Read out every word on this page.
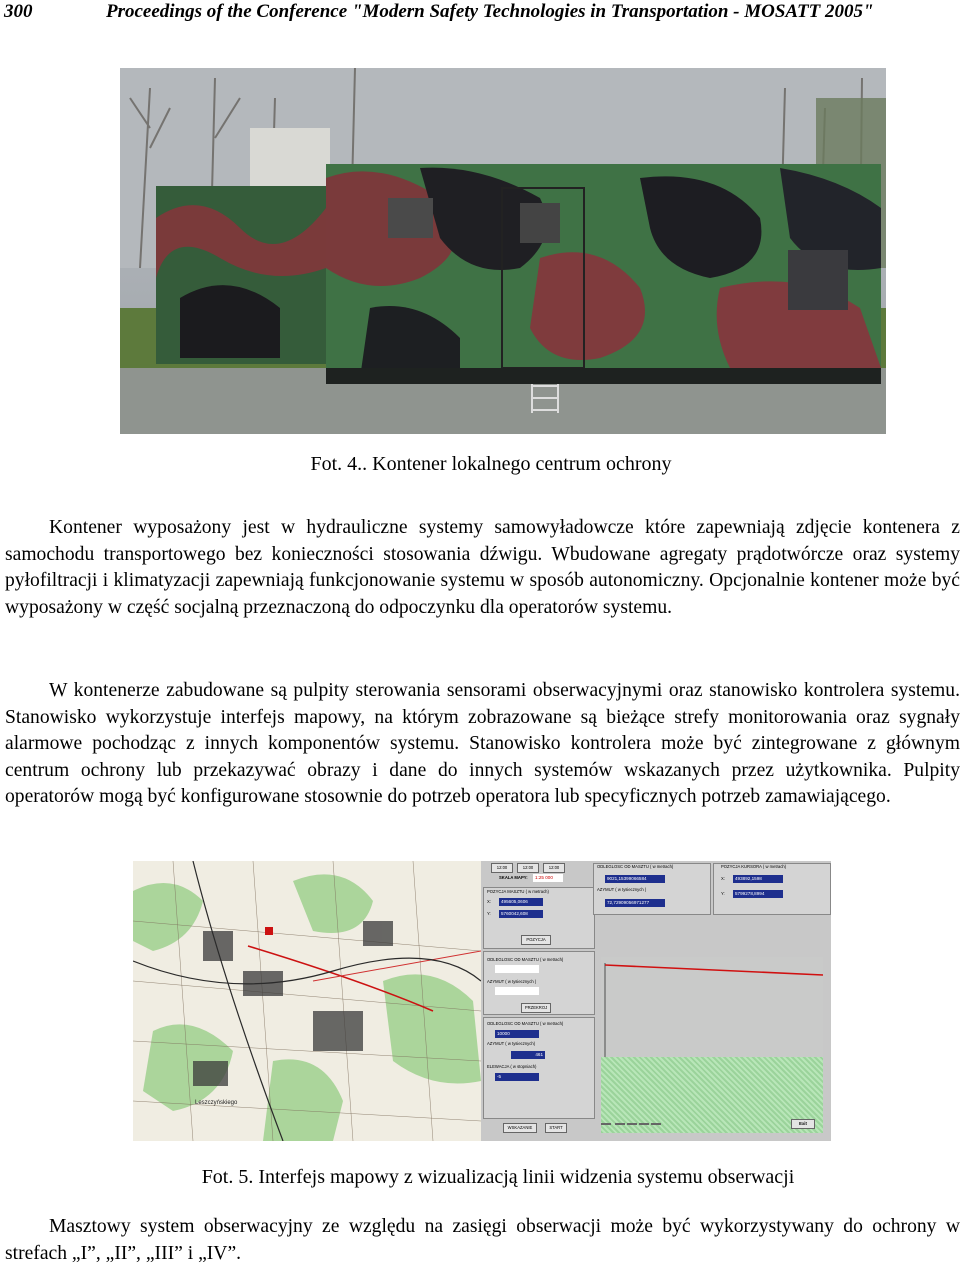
300	Proceedings of the Conference "Modern Safety Technologies in Transportation - MOSATT 2005"
Fot. 4.. Kontener lokalnego centrum ochrony

Kontener wyposażony jest w hydrauliczne systemy samowyładowcze które zapewniają zdjęcie kontenera z samochodu transportowego bez konieczności stosowania dźwigu. Wbudowane agregaty prądotwórcze oraz systemy pyłofiltracji i klimatyzacji zapewniają funkcjonowanie systemu w sposób autonomiczny. Opcjonalnie kontener może być wyposażony w część socjalną przeznaczoną do odpoczynku dla operatorów systemu.

W kontenerze zabudowane są pulpity sterowania sensorami obserwacyjnymi oraz stanowisko kontrolera systemu. Stanowisko wykorzystuje interfejs mapowy, na którym zobrazowane są bieżące strefy monitorowania oraz sygnały alarmowe pochodząc z innych komponentów systemu. Stanowisko kontrolera może być zintegrowane z głównym centrum ochrony lub przekazywać obrazy i dane do innych systemów wskazanych przez użytkownika. Pulpity operatorów mogą być konfigurowane stosownie do potrzeb operatora lub specyficznych potrzeb zamawiającego.

Leszczyńskiego
12:00	12:00	12:00
SKALA MAPY:	1:25 000
POZYCJA MASZTU ( w metrach)
X:	495605,0606
Y:	5760042,608
POZYCJA
ODLEGLOSC OD MASZTU ( w metrach)
9021,15399066584
AZYMUT ( w tysiecznych )
72,72909056971277
POZYCJA KURSORA ( w metrach)
X:	493892,1598
Y:	5799278,8994
ODLEGLOSC OD MASZTU ( w metrach)
AZYMUT ( w tysiecznych )
PRZEKROJ
ODLEGLOSC OD MASZTU ( w metrach)
10000
AZYMUT ( w tysiecznych)
461
ELEWACJA ( w stopniach)
-5
WSKAZANIE	START
Exit
Fot. 5. Interfejs mapowy z wizualizacją linii widzenia systemu obserwacji

Masztowy system obserwacyjny ze względu na zasięgi obserwacji może być wykorzystywany do ochrony w strefach „I”, „II”, „III” i „IV”.
